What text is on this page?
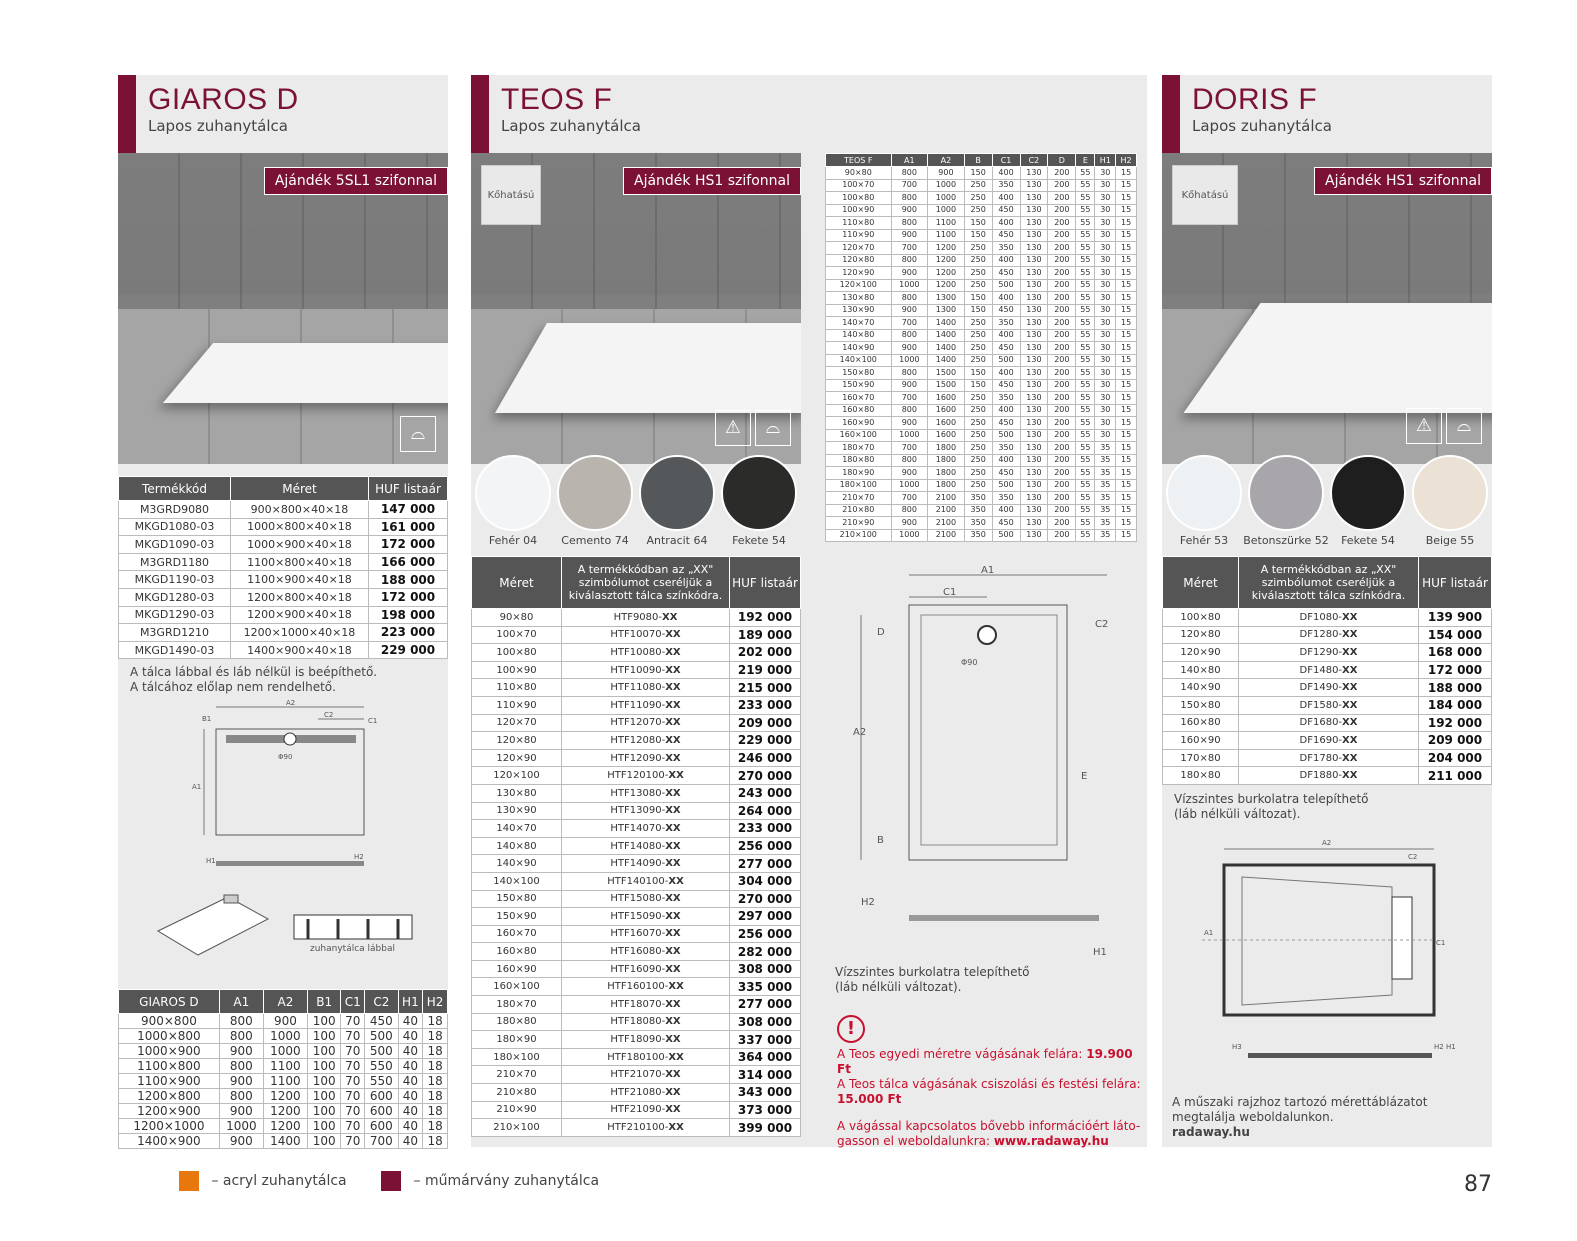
GIAROS D
Lapos zuhanytálca
Ajándék 5SL1 szifonnal
⌓
Termékkód	Méret	HUF listaár
M3GRD9080	900×800×40×18	147 000
MKGD1080-03	1000×800×40×18	161 000
MKGD1090-03	1000×900×40×18	172 000
M3GRD1180	1100×800×40×18	166 000
MKGD1190-03	1100×900×40×18	188 000
MKGD1280-03	1200×800×40×18	172 000
MKGD1290-03	1200×900×40×18	198 000
M3GRD1210	1200×1000×40×18	223 000
MKGD1490-03	1400×900×40×18	229 000
A tálca lábbal és láb nélkül is beépíthető.
A tálcához előlap nem rendelhető.
A2
C2
C1
B1
A1
Φ90
H1	H2
zuhanytálca lábbal
GIAROS D	A1	A2	B1	C1	C2	H1	H2
900×800	800	900	100	70	450	40	18
1000×800	800	1000	100	70	500	40	18
1000×900	900	1000	100	70	500	40	18
1100×800	800	1100	100	70	550	40	18
1100×900	900	1100	100	70	550	40	18
1200×800	800	1200	100	70	600	40	18
1200×900	900	1200	100	70	600	40	18
1200×1000	1000	1200	100	70	600	40	18
1400×900	900	1400	100	70	700	40	18
TEOS F
Lapos zuhanytálca
Kőhatású
Ajándék HS1 szifonnal
⚠	⌓
Fehér 04	Cemento 74	Antracit 64	Fekete 54
Méret	A termékkódban az „XX" szimbólumot cseréljük a kiválasztott tálca színkódra.	HUF listaár
90×80	HTF9080-XX	192 000
100×70	HTF10070-XX	189 000
100×80	HTF10080-XX	202 000
100×90	HTF10090-XX	219 000
110×80	HTF11080-XX	215 000
110×90	HTF11090-XX	233 000
120×70	HTF12070-XX	209 000
120×80	HTF12080-XX	229 000
120×90	HTF12090-XX	246 000
120×100	HTF120100-XX	270 000
130×80	HTF13080-XX	243 000
130×90	HTF13090-XX	264 000
140×70	HTF14070-XX	233 000
140×80	HTF14080-XX	256 000
140×90	HTF14090-XX	277 000
140×100	HTF140100-XX	304 000
150×80	HTF15080-XX	270 000
150×90	HTF15090-XX	297 000
160×70	HTF16070-XX	256 000
160×80	HTF16080-XX	282 000
160×90	HTF16090-XX	308 000
160×100	HTF160100-XX	335 000
180×70	HTF18070-XX	277 000
180×80	HTF18080-XX	308 000
180×90	HTF18090-XX	337 000
180×100	HTF180100-XX	364 000
210×70	HTF21070-XX	314 000
210×80	HTF21080-XX	343 000
210×90	HTF21090-XX	373 000
210×100	HTF210100-XX	399 000
TEOS F	A1	A2	B	C1	C2	D	E	H1	H2
90×80	800	900	150	400	130	200	55	30	15
100×70	700	1000	250	350	130	200	55	30	15
100×80	800	1000	250	400	130	200	55	30	15
100×90	900	1000	250	450	130	200	55	30	15
110×80	800	1100	150	400	130	200	55	30	15
110×90	900	1100	150	450	130	200	55	30	15
120×70	700	1200	250	350	130	200	55	30	15
120×80	800	1200	250	400	130	200	55	30	15
120×90	900	1200	250	450	130	200	55	30	15
120×100	1000	1200	250	500	130	200	55	30	15
130×80	800	1300	150	400	130	200	55	30	15
130×90	900	1300	150	450	130	200	55	30	15
140×70	700	1400	250	350	130	200	55	30	15
140×80	800	1400	250	400	130	200	55	30	15
140×90	900	1400	250	450	130	200	55	30	15
140×100	1000	1400	250	500	130	200	55	30	15
150×80	800	1500	150	400	130	200	55	30	15
150×90	900	1500	150	450	130	200	55	30	15
160×70	700	1600	250	350	130	200	55	30	15
160×80	800	1600	250	400	130	200	55	30	15
160×90	900	1600	250	450	130	200	55	30	15
160×100	1000	1600	250	500	130	200	55	30	15
180×70	700	1800	250	350	130	200	55	35	15
180×80	800	1800	250	400	130	200	55	35	15
180×90	900	1800	250	450	130	200	55	35	15
180×100	1000	1800	250	500	130	200	55	35	15
210×70	700	2100	350	350	130	200	55	35	15
210×80	800	2100	350	400	130	200	55	35	15
210×90	900	2100	350	450	130	200	55	35	15
210×100	1000	2100	350	500	130	200	55	35	15
A1
C1
C2
D
A2
E
B
Φ90
H2
H1
Vízszintes burkolatra telepíthető
(láb nélküli változat).
!
A Teos egyedi méretre vágásának felára: 19.900 Ft
A Teos tálca vágásának csiszolási és festési felára:
15.000 Ft
A vágással kapcsolatos bővebb információért láto-
gasson el weboldalunkra: www.radaway.hu
DORIS F
Lapos zuhanytálca
Kőhatású
Ajándék HS1 szifonnal
⚠	⌓
Fehér 53	Betonszürke 52	Fekete 54	Beige 55
Méret	A termékkódban az „XX" szimbólumot cseréljük a kiválasztott tálca színkódra.	HUF listaár
100×80	DF1080-XX	139 900
120×80	DF1280-XX	154 000
120×90	DF1290-XX	168 000
140×80	DF1480-XX	172 000
140×90	DF1490-XX	188 000
150×80	DF1580-XX	184 000
160×80	DF1680-XX	192 000
160×90	DF1690-XX	209 000
170×80	DF1780-XX	204 000
180×80	DF1880-XX	211 000
Vízszintes burkolatra telepíthető
(láb nélküli változat).
A2
C2
C1
A1
H3	H2 H1
A műszaki rajzhoz tartozó mérettáblázatot
megtalálja weboldalunkon.
radaway.hu
– acryl zuhanytálca	– műmárvány zuhanytálca	87
